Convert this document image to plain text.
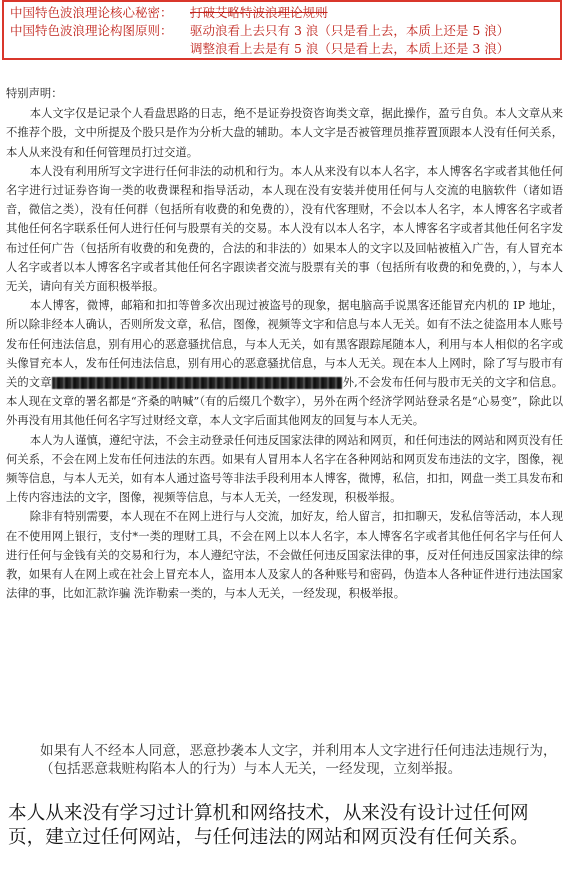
中国特色波浪理论核心秘密： 打破艾略特波浪理论规则
中国特色波浪理论构图原则： 驱动浪看上去只有 3 浪（只是看上去，本质上还是 5 浪）
调整浪看上去是有 5 浪（只是看上去，本质上还是 3 浪）

特别声明：

本人文字仅是记录个人看盘思路的日志，绝不是证券投资咨询类文章，据此操作，盈亏自负。本人文章从来不推荐个股，文中所提及个股只是作为分析大盘的辅助。本人文字是否被管理员推荐置顶跟本人没有任何关系，本人从来没有和任何管理员打过交道。

本人没有利用所写文字进行任何非法的动机和行为。本人从来没有以本人名字，本人博客名字或者其他任何名字进行过证券咨询一类的收费课程和指导活动，本人现在没有安装并使用任何与人交流的电脑软件（诸如语音，微信之类），没有任何群（包括所有收费的和免费的），没有代客理财，不会以本人名字，本人博客名字或者其他任何名字联系任何人进行任何与股票有关的交易。本人没有以本人名字，本人博客名字或者其他任何名字发布过任何广告（包括所有收费的和免费的，合法的和非法的）如果本人的文字以及回帖被植入广告，有人冒充本人名字或者以本人博客名字或者其他任何名字跟读者交流与股票有关的事（包括所有收费的和免费的，），与本人无关，请向有关方面积极举报。

本人博客，微博，邮箱和扣扣等曾多次出现过被盗号的现象，据电脑高手说黑客还能冒充内机的 IP 地址，所以除非经本人确认，否则所发文章，私信，图像，视频等文字和信息与本人无关。如有不法之徒盗用本人账号发布任何违法信息，别有用心的恶意骚扰信息，与本人无关，如有黑客跟踪尾随本人，利用与本人相似的名字或头像冒充本人，发布任何违法信息，别有用心的恶意骚扰信息，与本人无关。现在本人上网时，除了写与股市有关的文章	外,不会发布任何与股市无关的文字和信息。本人现在文章的署名都是“齐桑的呐喊”（有的后缀几个数字），另外在两个经济学网站登录名是“心易变”，除此以外再没有用其他任何名字写过财经文章，本人文字后面其他网友的回复与本人无关。

本人为人谨慎，遵纪守法，不会主动登录任何违反国家法律的网站和网页，和任何违法的网站和网页没有任何关系，不会在网上发布任何违法的东西。如果有人冒用本人名字在各种网站和网页发布违法的文字，图像，视频等信息，与本人无关，如有本人通过盗号等非法手段利用本人博客，微博，私信，扣扣，网盘一类工具发布和上传内容违法的文字，图像，视频等信息，与本人无关，一经发现，积极举报。

除非有特别需要，本人现在不在网上进行与人交流，加好友，给人留言，扣扣聊天，发私信等活动，本人现在不使用网上银行，支付*一类的理财工具，不会在网上以本人名字，本人博客名字或者其他任何名字与任何人进行任何与金钱有关的交易和行为，本人遵纪守法，不会做任何违反国家法律的事，反对任何违反国家法律的综教，如果有人在网上或在社会上冒充本人，盗用本人及家人的各种账号和密码，伪造本人各种证件进行违法国家法律的事，比如汇款诈骗 洗诈勒索一类的，与本人无关，一经发现，积极举报。

如果有人不经本人同意，恶意抄袭本人文字，并利用本人文字进行任何违法违规行为，（包括恶意栽赃构陷本人的行为）与本人无关，一经发现，立刻举报。
本人从来没有学习过计算机和网络技术，从来没有设计过任何网页，建立过任何网站，与任何违法的网站和网页没有任何关系。
